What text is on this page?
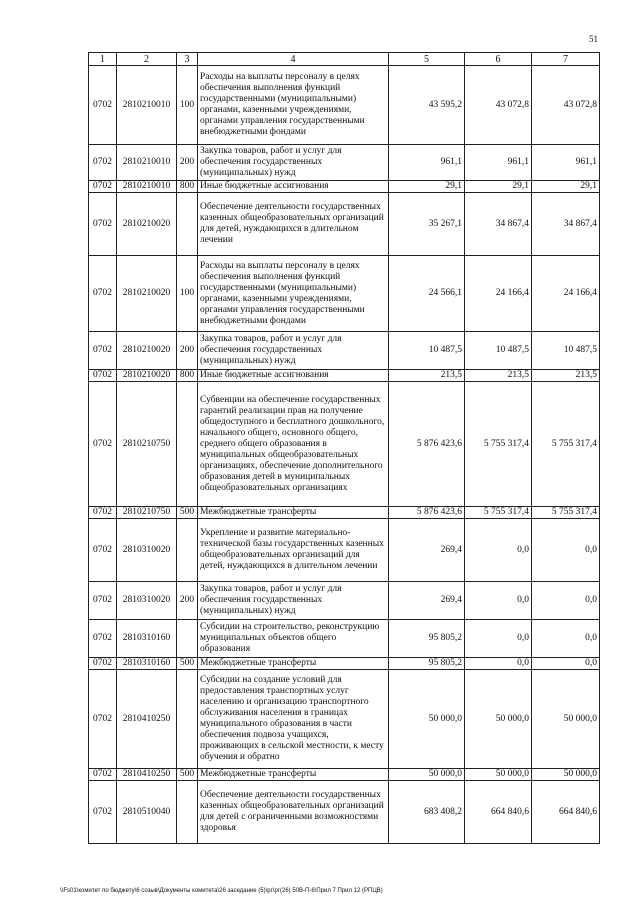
51
1	2	3	4	5	6	7
0702	2810210010	100	Расходы на выплаты персоналу в целях обеспечения выполнения функций государственными (муниципальными) органами, казенными учреждениями, органами управления государственными внебюджетными фондами	43 595,2	43 072,8	43 072,8
0702	2810210010	200	Закупка товаров, работ и услуг для обеспечения государственных (муниципальных) нужд	961,1	961,1	961,1
0702	2810210010	800	Иные бюджетные ассигнования	29,1	29,1	29,1
0702	2810210020		Обеспечение деятельности государственных казенных общеобразовательных организаций для детей, нуждающихся в длительном лечении	35 267,1	34 867,4	34 867,4
0702	2810210020	100	Расходы на выплаты персоналу в целях обеспечения выполнения функций государственными (муниципальными) органами, казенными учреждениями, органами управления государственными внебюджетными фондами	24 566,1	24 166,4	24 166,4
0702	2810210020	200	Закупка товаров, работ и услуг для обеспечения государственных (муниципальных) нужд	10 487,5	10 487,5	10 487,5
0702	2810210020	800	Иные бюджетные ассигнования	213,5	213,5	213,5
0702	2810210750		Субвенции на обеспечение государственных гарантий реализации прав на получение общедоступного и бесплатного дошкольного, начального общего, основного общего, среднего общего образования в муниципальных общеобразовательных организациях, обеспечение дополнительного образования детей в муниципальных общеобразовательных организациях	5 876 423,6	5 755 317,4	5 755 317,4
0702	2810210750	500	Межбюджетные трансферты	5 876 423,6	5 755 317,4	5 755 317,4
0702	2810310020		Укрепление и развитие материально-технической базы государственных казенных общеобразовательных организаций для детей, нуждающихся в длительном лечении	269,4	0,0	0,0
0702	2810310020	200	Закупка товаров, работ и услуг для обеспечения государственных (муниципальных) нужд	269,4	0,0	0,0
0702	2810310160		Субсидии на строительство, реконструкцию муниципальных объектов общего образования	95 805,2	0,0	0,0
0702	2810310160	500	Межбюджетные трансферты	95 805,2	0,0	0,0
0702	2810410250		Субсидии на создание условий для предоставления транспортных услуг населению и организацию транспортного обслуживания населения в границах муниципального образования в части обеспечения подвоза учащихся, проживающих в сельской местности, к месту обучения и обратно	50 000,0	50 000,0	50 000,0
0702	2810410250	500	Межбюджетные трансферты	50 000,0	50 000,0	50 000,0
0702	2810510040		Обеспечение деятельности государственных казенных общеобразовательных организаций для детей с ограниченными возможностями здоровья	683 408,2	664 840,6	664 840,6
\\Fs01\комитет по бюджету\6 созыв\Документы комитета\26 заседание (5)\рг\рг(26) 50В-П-6\Прил 7 Прил 12 (РПЦВ)
